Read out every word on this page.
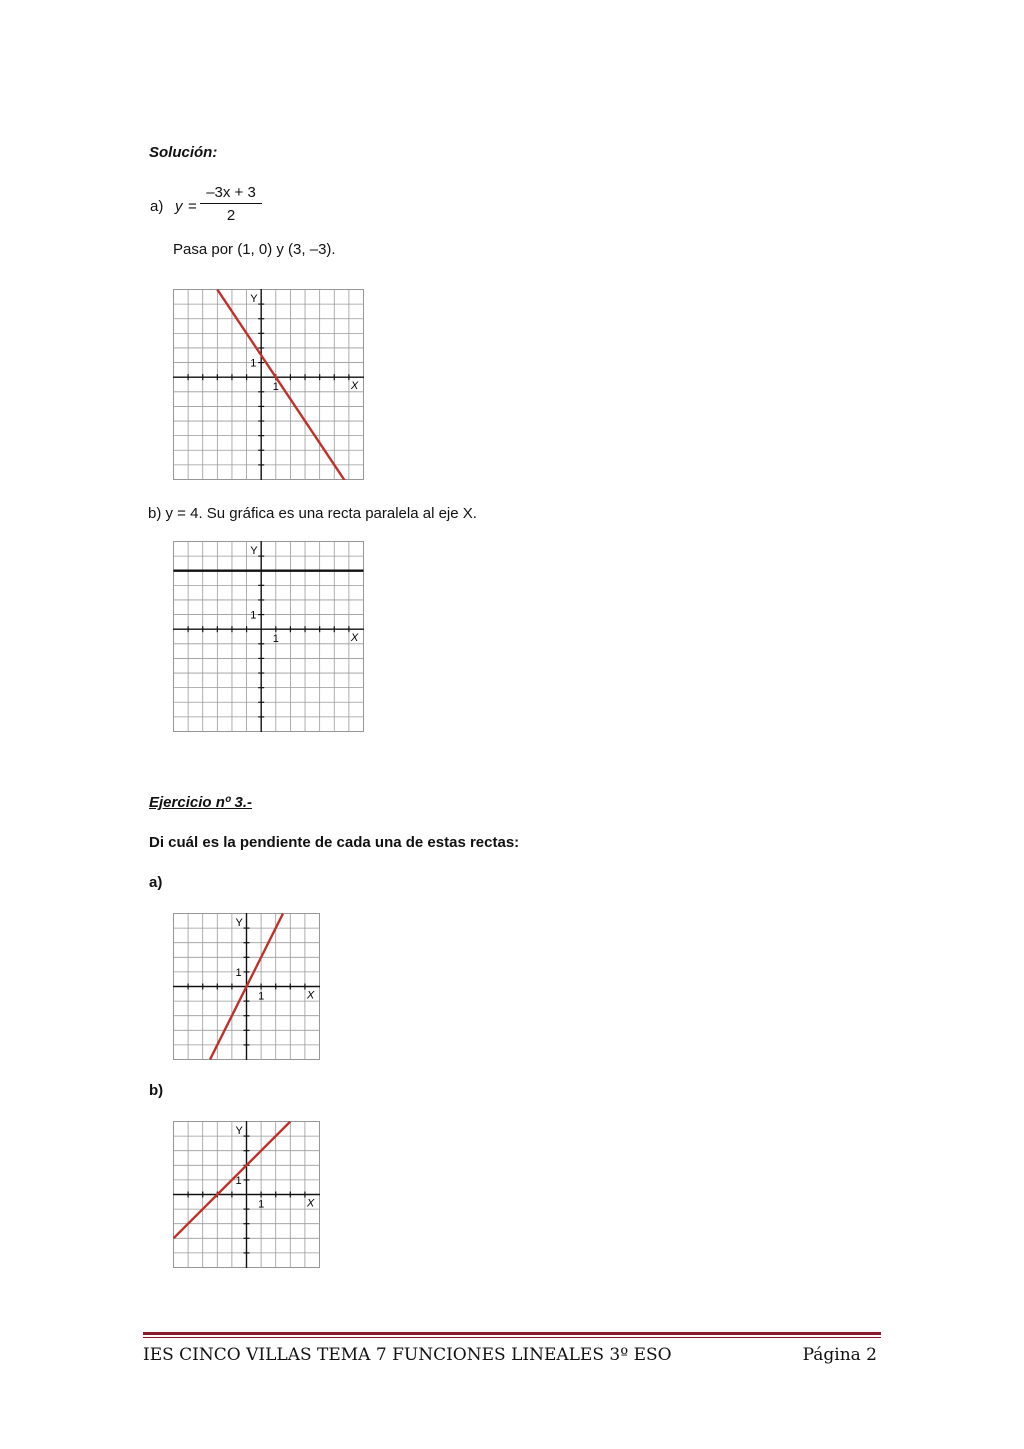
Solución:
a) $y = \frac{-3x + 3}{2}$
Pasa por (1, 0) y (3, –3).
Y
X
1
1
b) y = 4. Su gráfica es una recta paralela al eje X.
Y
X
1
1
Ejercicio nº 3.-
Di cuál es la pendiente de cada una de estas rectas:
a)
Y
X
1
1
b)
Y
X
1
1
IES CINCO VILLAS TEMA 7 FUNCIONES LINEALES 3º ESO	Página 2
